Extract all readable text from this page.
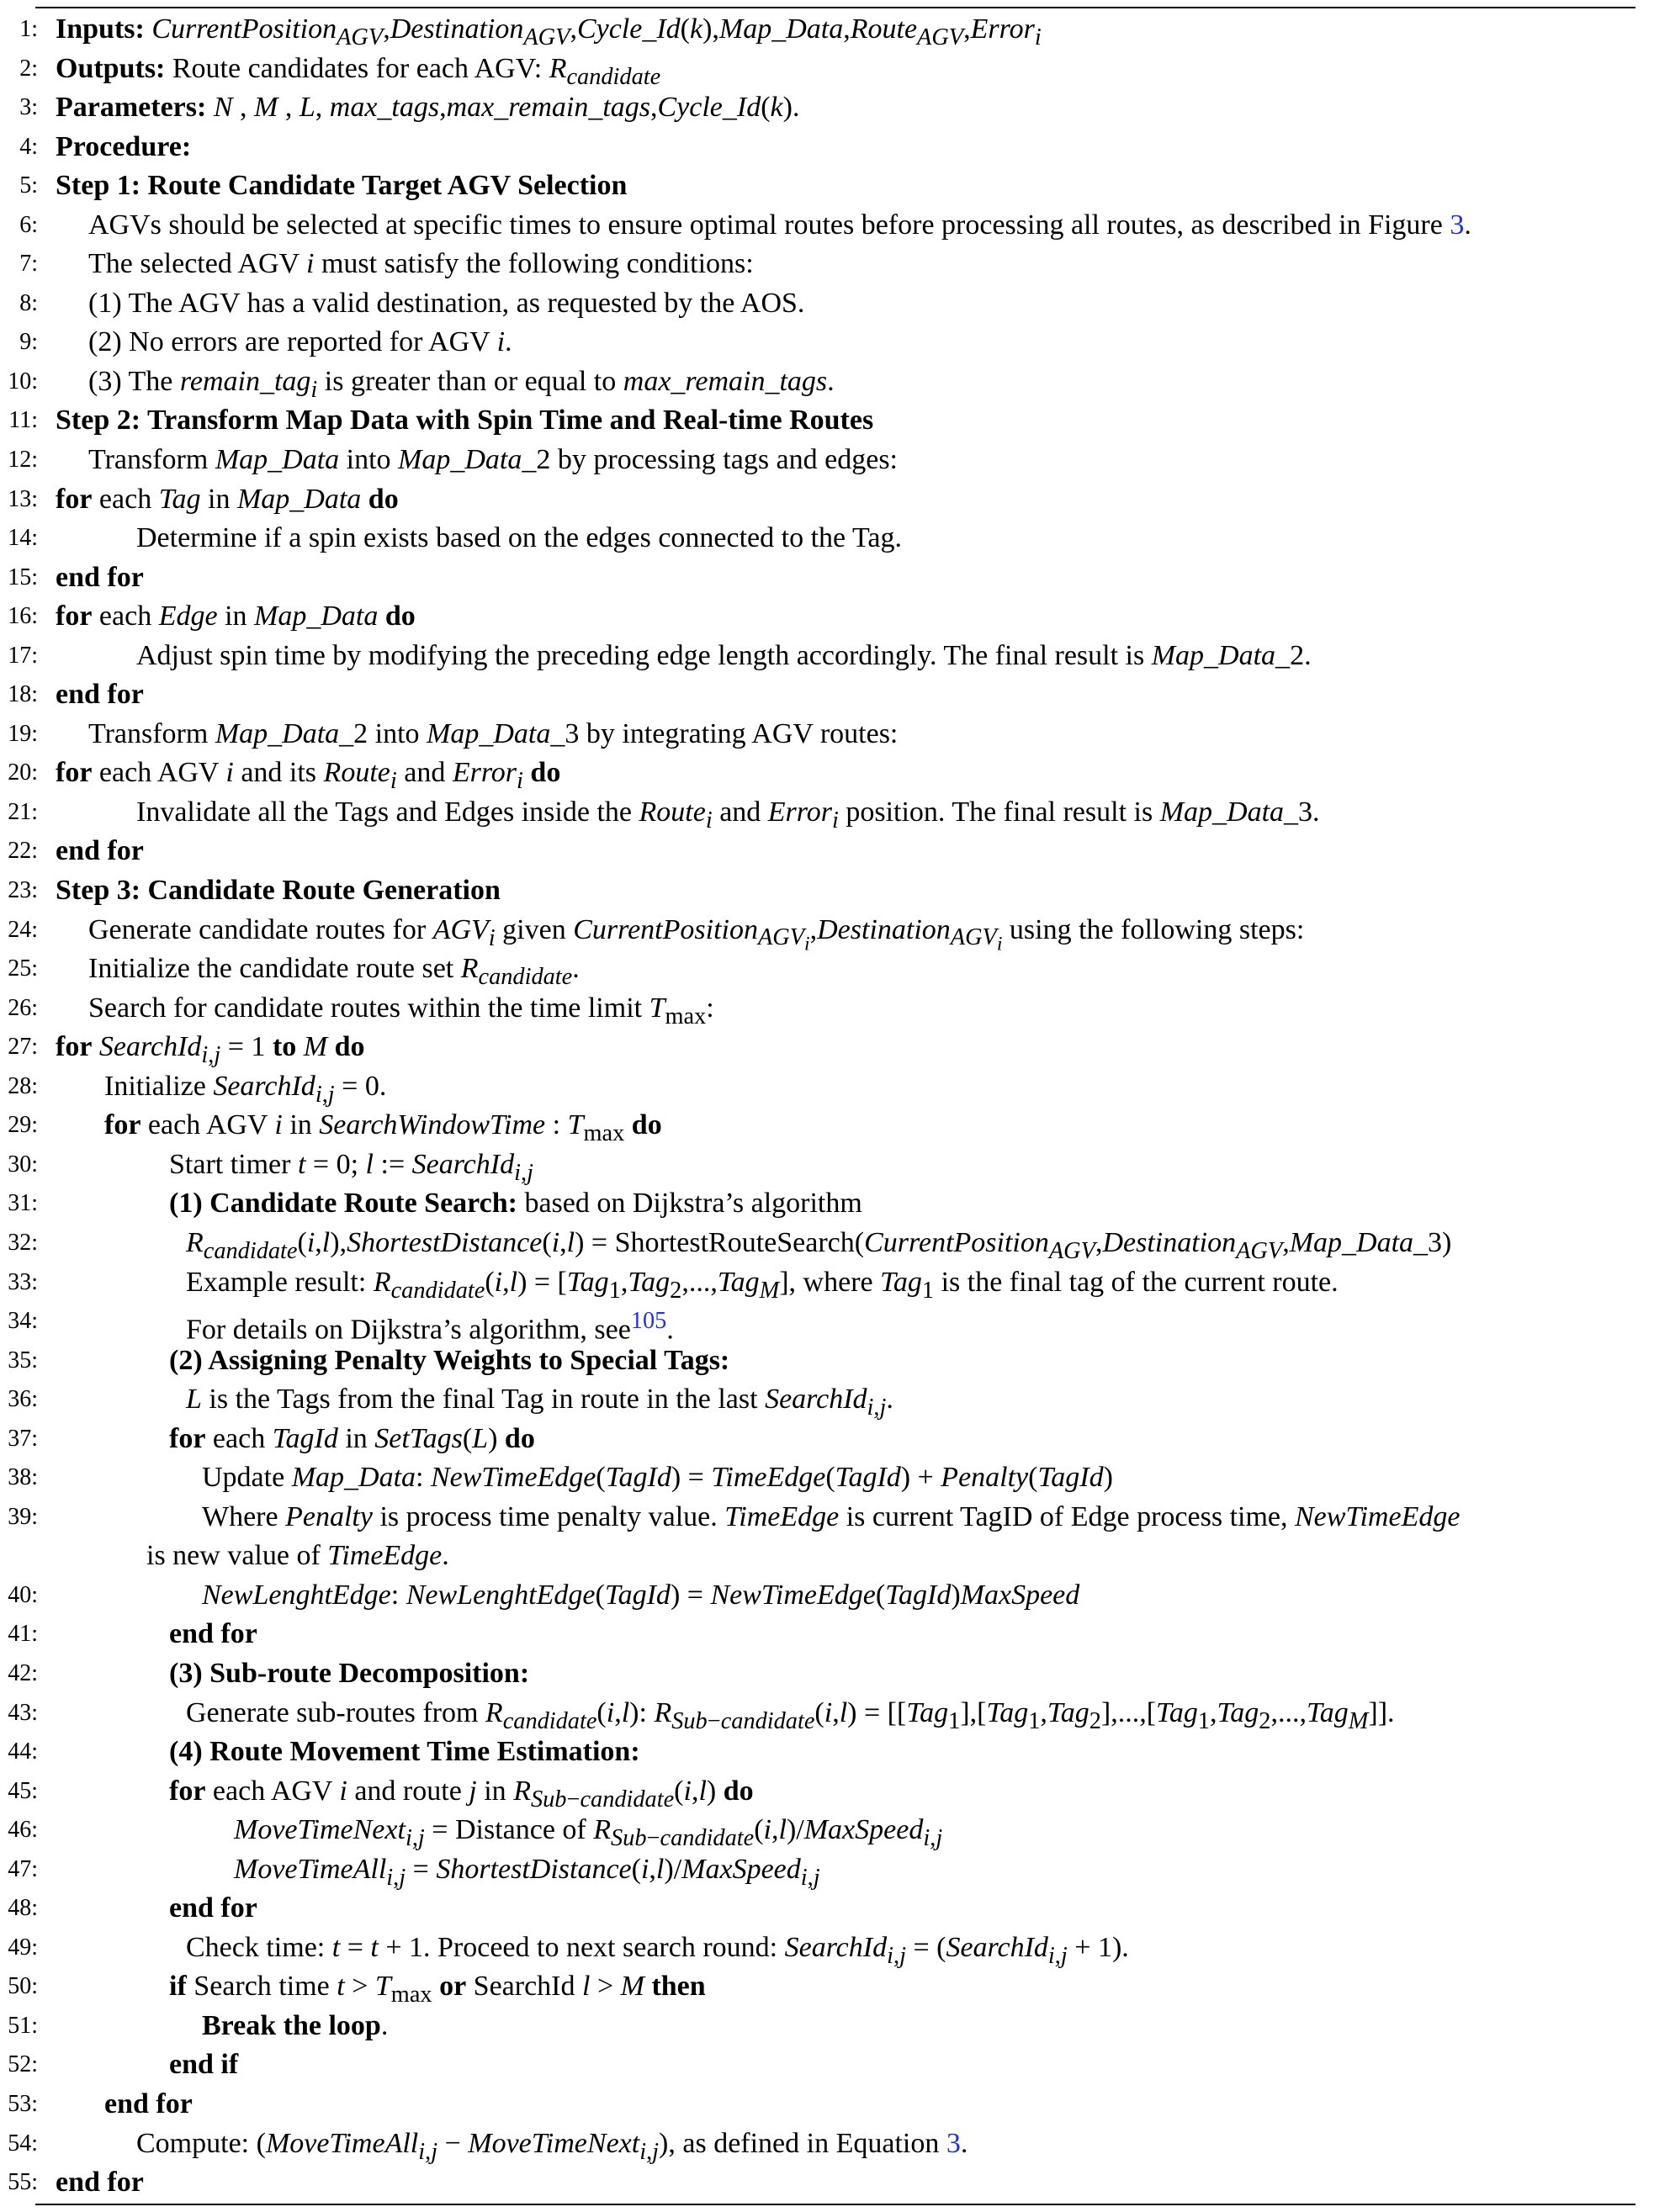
1: Inputs: CurrentPosition$_{AGV}$,Destination$_{AGV}$,Cycle_Id(k),Map_Data,Route$_{AGV}$,Error$_i$
2: Outputs: Route candidates for each AGV: $R_{candidate}$
3: Parameters: N , M , L, max_tags,max_remain_tags,Cycle_Id(k).
4: Procedure:
5: Step 1: Route Candidate Target AGV Selection
6: AGVs should be selected at specific times to ensure optimal routes before processing all routes, as described in Figure 3.
7: The selected AGV i must satisfy the following conditions:
8: (1) The AGV has a valid destination, as requested by the AOS.
9: (2) No errors are reported for AGV i.
10: (3) The remain_tag$_i$ is greater than or equal to max_remain_tags.
11: Step 2: Transform Map Data with Spin Time and Real-time Routes
12: Transform Map_Data into Map_Data_2 by processing tags and edges:
13: for each Tag in Map_Data do
14:	Determine if a spin exists based on the edges connected to the Tag.
15: end for
16: for each Edge in Map_Data do
17:	Adjust spin time by modifying the preceding edge length accordingly. The final result is Map_Data_2.
18: end for
19: Transform Map_Data_2 into Map_Data_3 by integrating AGV routes:
20: for each AGV i and its Route$_i$ and Error$_i$ do
21:	Invalidate all the Tags and Edges inside the Route$_i$ and Error$_i$ position. The final result is Map_Data_3.
22: end for
23: Step 3: Candidate Route Generation
24: Generate candidate routes for $AGV_i$ given CurrentPosition$_{AGV_i}$,Destination$_{AGV_i}$ using the following steps:
25: Initialize the candidate route set $R_{candidate}$.
26: Search for candidate routes within the time limit $T_{max}$:
27: for SearchId$_{i,j}$ = 1 to M do
28: Initialize SearchId$_{i,j}$ = 0.
29: for each AGV i in SearchWindowTime : $T_{max}$ do
30:	Start timer t = 0; l := SearchId$_{i,j}$
31:	(1) Candidate Route Search: based on Dijkstra’s algorithm
32:	$R_{candidate}(i,l),ShortestDistance(i,l)$ = ShortestRouteSearch(CurrentPosition$_{AGV}$,Destination$_{AGV}$,Map_Data_3)
33:	Example result: $R_{candidate}(i,l) = [Tag_1,Tag_2,...,Tag_M]$, where Tag$_1$ is the final tag of the current route.
34:	For details on Dijkstra’s algorithm, see$^{105}$.
35:	(2) Assigning Penalty Weights to Special Tags:
36:	L is the Tags from the final Tag in route in the last SearchId$_{i,j}$.
37:	for each TagId in SetTags(L) do
38:	Update Map_Data: NewTimeEdge(TagId) = TimeEdge(TagId) + Penalty(TagId)
39:	Where Penalty is process time penalty value. TimeEdge is current TagID of Edge process time, NewTimeEdge
is new value of TimeEdge.
40:	NewLenghtEdge: NewLenghtEdge(TagId) = NewTimeEdge(TagId)MaxSpeed
41:	end for
42:	(3) Sub-route Decomposition:
43:	Generate sub-routes from $R_{candidate}(i,l)$: $R_{Sub-candidate}(i,l) = [[Tag_1],[Tag_1,Tag_2],...,[Tag_1,Tag_2,...,Tag_M]]$.
44:	(4) Route Movement Time Estimation:
45:	for each AGV i and route j in $R_{Sub-candidate}(i,l)$ do
46:	MoveTimeNext$_{i,j}$ = Distance of $R_{Sub-candidate}(i,l)/MaxSpeed_{i,j}$
47:	MoveTimeAll$_{i,j}$ = ShortestDistance(i,l)/MaxSpeed$_{i,j}$
48:	end for
49:	Check time: t = t + 1. Proceed to next search round: SearchId$_{i,j}$ = (SearchId$_{i,j}$ + 1).
50:	if Search time $t > T_{max}$ or SearchId l > M then
51:	Break the loop.
52:	end if
53: end for
54:	Compute: (MoveTimeAll$_{i,j}$ − MoveTimeNext$_{i,j}$), as defined in Equation 3.
55: end for
